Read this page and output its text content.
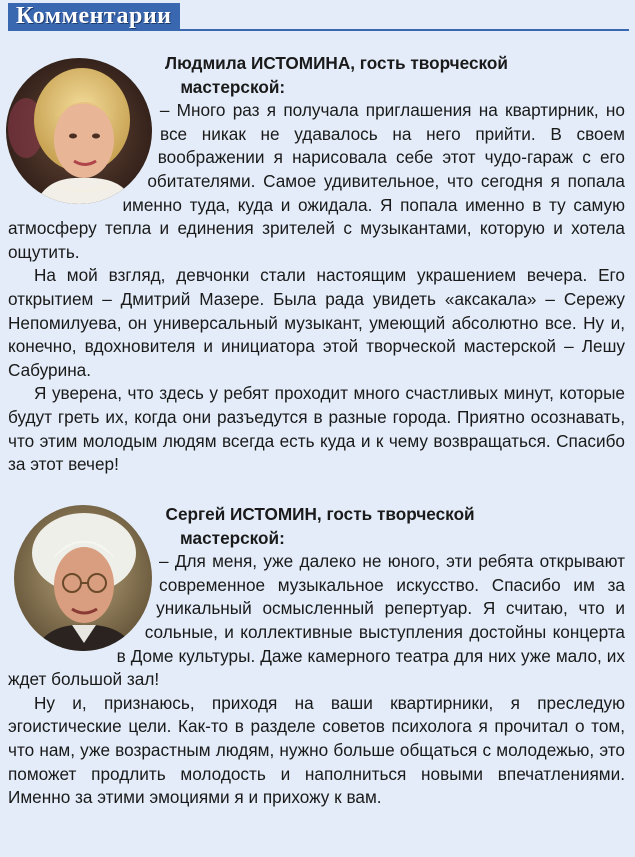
Комментарии

Людмила ИСТОМИНА, гость творческой
мастерской:

– Много раз я получала приглашения на квартирник, но все никак не удавалось на него прийти. В своем воображении я нарисовала себе этот чудо-гараж с его обитателями. Самое удивительное, что сегодня я попала именно туда, куда и ожидала. Я попала именно в ту самую атмосферу тепла и единения зрителей с музыкантами, которую и хотела ощутить.

На мой взгляд, девчонки стали настоящим украшением вечера. Его открытием – Дмитрий Мазере. Была рада увидеть «аксакала» – Сережу Непомилуева, он универсальный музыкант, умеющий абсолютно все. Ну и, конечно, вдохновителя и инициатора этой творческой мастерской – Лешу Сабурина.

Я уверена, что здесь у ребят проходит много счастливых минут, которые будут греть их, когда они разъедутся в разные города. Приятно осознавать, что этим молодым людям всегда есть куда и к чему возвращаться. Спасибо за этот вечер!

Сергей ИСТОМИН, гость творческой
мастерской:

– Для меня, уже далеко не юного, эти ребята открывают современное музыкальное искусство. Спасибо им за уникальный осмысленный репертуар. Я считаю, что и сольные, и коллективные выступления достойны концерта в Доме культуры. Даже камерного театра для них уже мало, их ждет большой зал!

Ну и, признаюсь, приходя на ваши квартирники, я преследую эгоистические цели. Как-то в разделе советов психолога я прочитал о том, что нам, уже возрастным людям, нужно больше общаться с молодежью, это поможет продлить молодость и наполниться новыми впечатлениями. Именно за этими эмоциями я и прихожу к вам.
